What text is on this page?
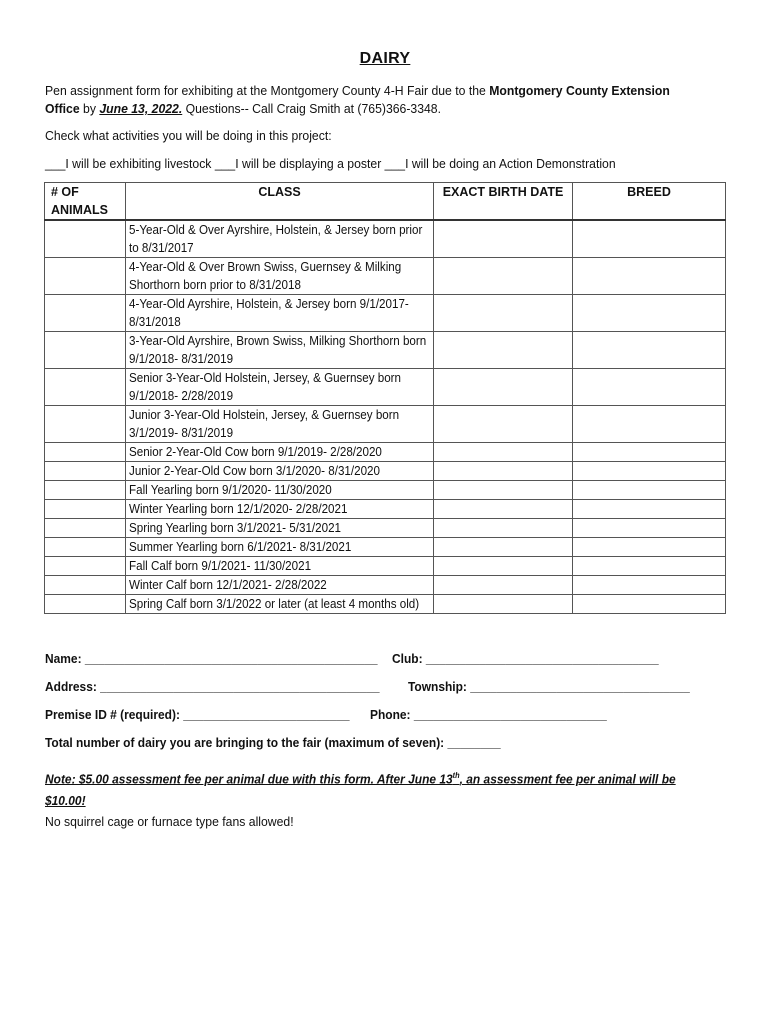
DAIRY
Pen assignment form for exhibiting at the Montgomery County 4-H Fair due to the Montgomery County Extension Office by June 13, 2022. Questions-- Call Craig Smith at (765)366-3348.
Check what activities you will be doing in this project:
___I will be exhibiting livestock ___I will be displaying a poster ___I will be doing an Action Demonstration
# OF ANIMALS	CLASS	EXACT BIRTH DATE	BREED

	5-Year-Old & Over Ayrshire, Holstein, & Jersey born prior to 8/31/2017		

	4-Year-Old & Over Brown Swiss, Guernsey & Milking Shorthorn born prior to 8/31/2018		

	4-Year-Old Ayrshire, Holstein, & Jersey born 9/1/2017- 8/31/2018		

	3-Year-Old Ayrshire, Brown Swiss, Milking Shorthorn born 9/1/2018- 8/31/2019		

	Senior 3-Year-Old Holstein, Jersey, & Guernsey born 9/1/2018- 2/28/2019		

	Junior 3-Year-Old Holstein, Jersey, & Guernsey born 3/1/2019- 8/31/2019		

	Senior 2-Year-Old Cow born 9/1/2019- 2/28/2020		

	Junior 2-Year-Old Cow born 3/1/2020- 8/31/2020		

	Fall Yearling born 9/1/2020- 11/30/2020		

	Winter Yearling born 12/1/2020- 2/28/2021		

	Spring Yearling born 3/1/2021- 5/31/2021		

	Summer Yearling born 6/1/2021- 8/31/2021		

	Fall Calf born 9/1/2021- 11/30/2021		

	Winter Calf born 12/1/2021- 2/28/2022		

	Spring Calf born 3/1/2022 or later (at least 4 months old)		

Name: ____________________________________________ Club: ___________________________________
Address: __________________________________________ Township: _________________________________
Premise ID # (required): _________________________ Phone: _____________________________
Total number of dairy you are bringing to the fair (maximum of seven): ________
Note: $5.00 assessment fee per animal due with this form. After June 13th, an assessment fee per animal will be $10.00!
No squirrel cage or furnace type fans allowed!
